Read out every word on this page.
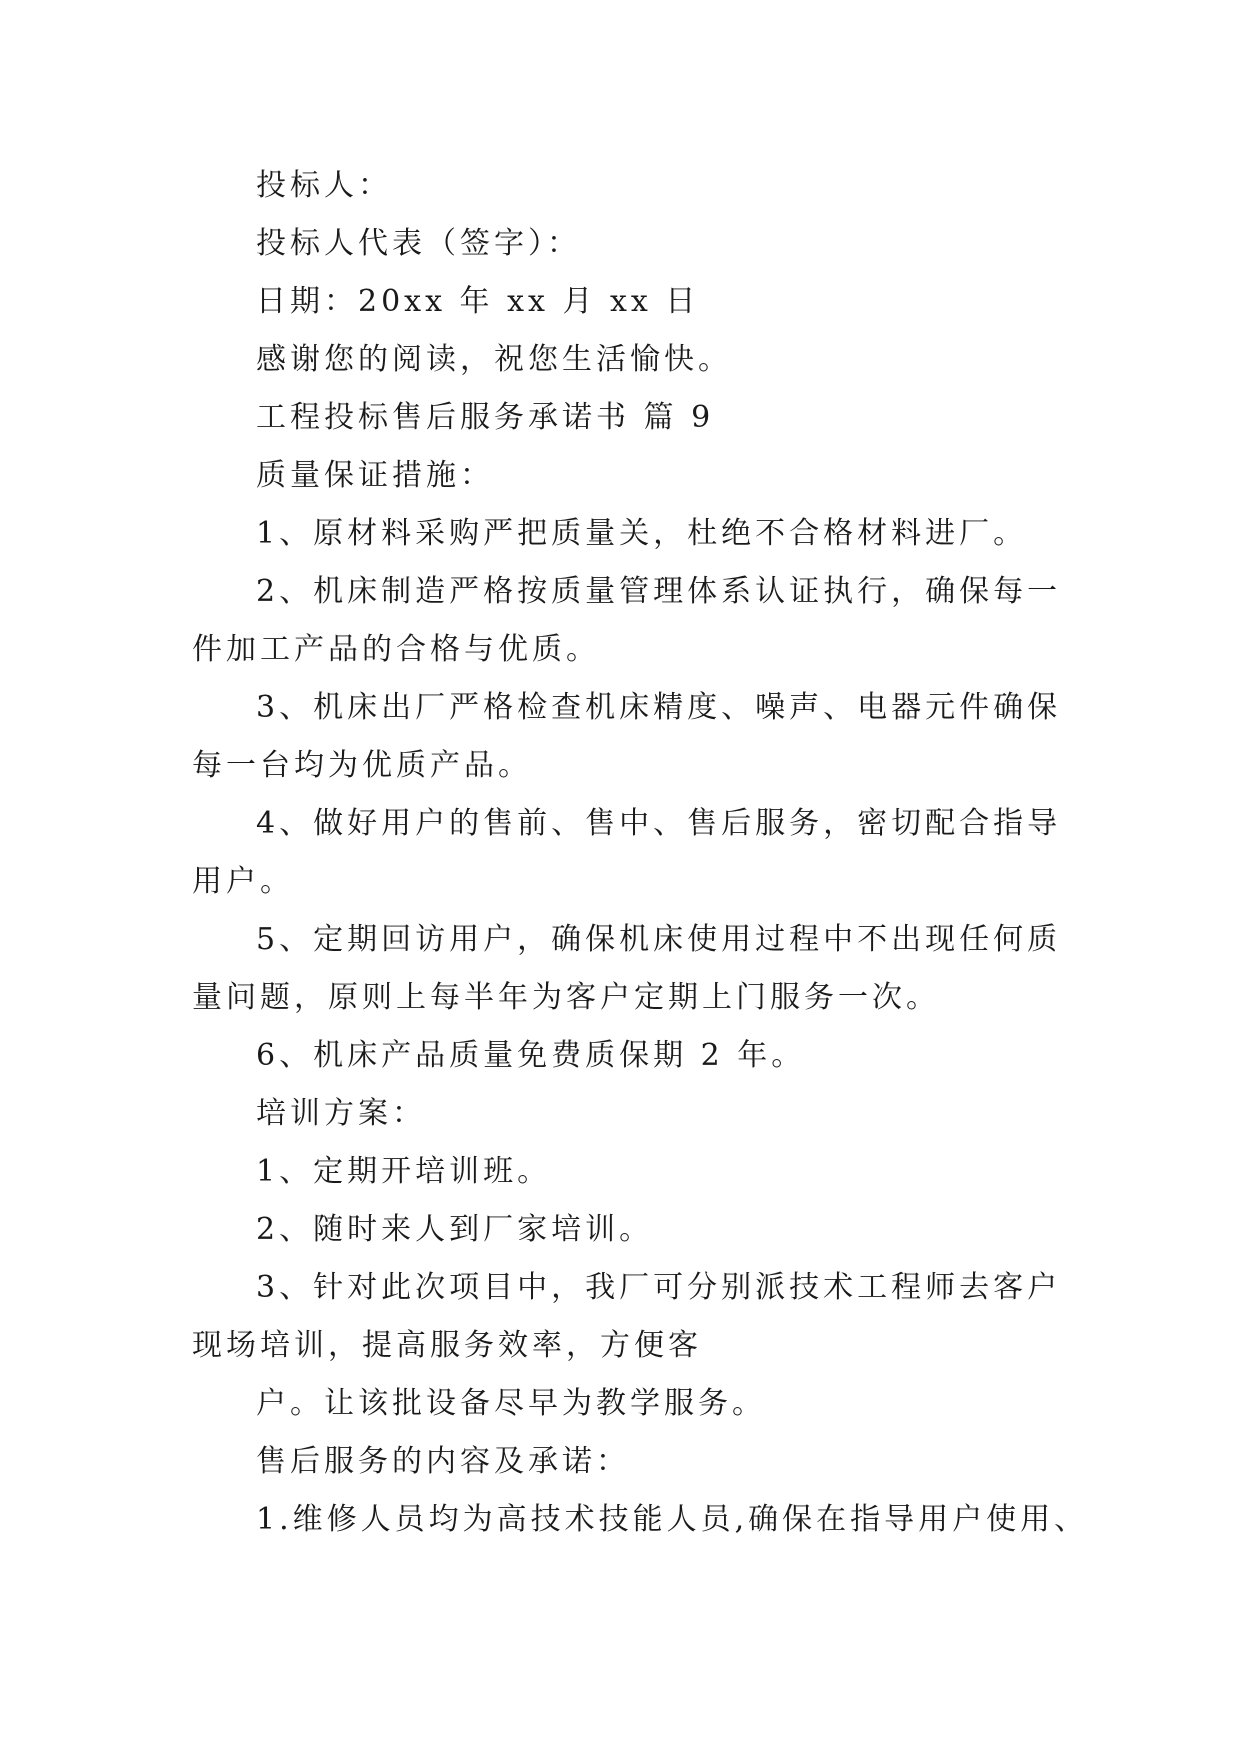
投标人：
投标人代表（签字）：
日期：20xx 年 xx 月 xx 日
感谢您的阅读，祝您生活愉快。
工程投标售后服务承诺书 篇 9
质量保证措施：
1、原材料采购严把质量关，杜绝不合格材料进厂。
2、机床制造严格按质量管理体系认证执行，确保每一
件加工产品的合格与优质。
3、机床出厂严格检查机床精度、噪声、电器元件确保
每一台均为优质产品。
4、做好用户的售前、售中、售后服务，密切配合指导
用户。
5、定期回访用户，确保机床使用过程中不出现任何质
量问题，原则上每半年为客户定期上门服务一次。
6、机床产品质量免费质保期 2 年。
培训方案：
1、定期开培训班。
2、随时来人到厂家培训。
3、针对此次项目中，我厂可分别派技术工程师去客户
现场培训，提高服务效率，方便客
户。让该批设备尽早为教学服务。
售后服务的内容及承诺：
1.维修人员均为高技术技能人员,确保在指导用户使用、
